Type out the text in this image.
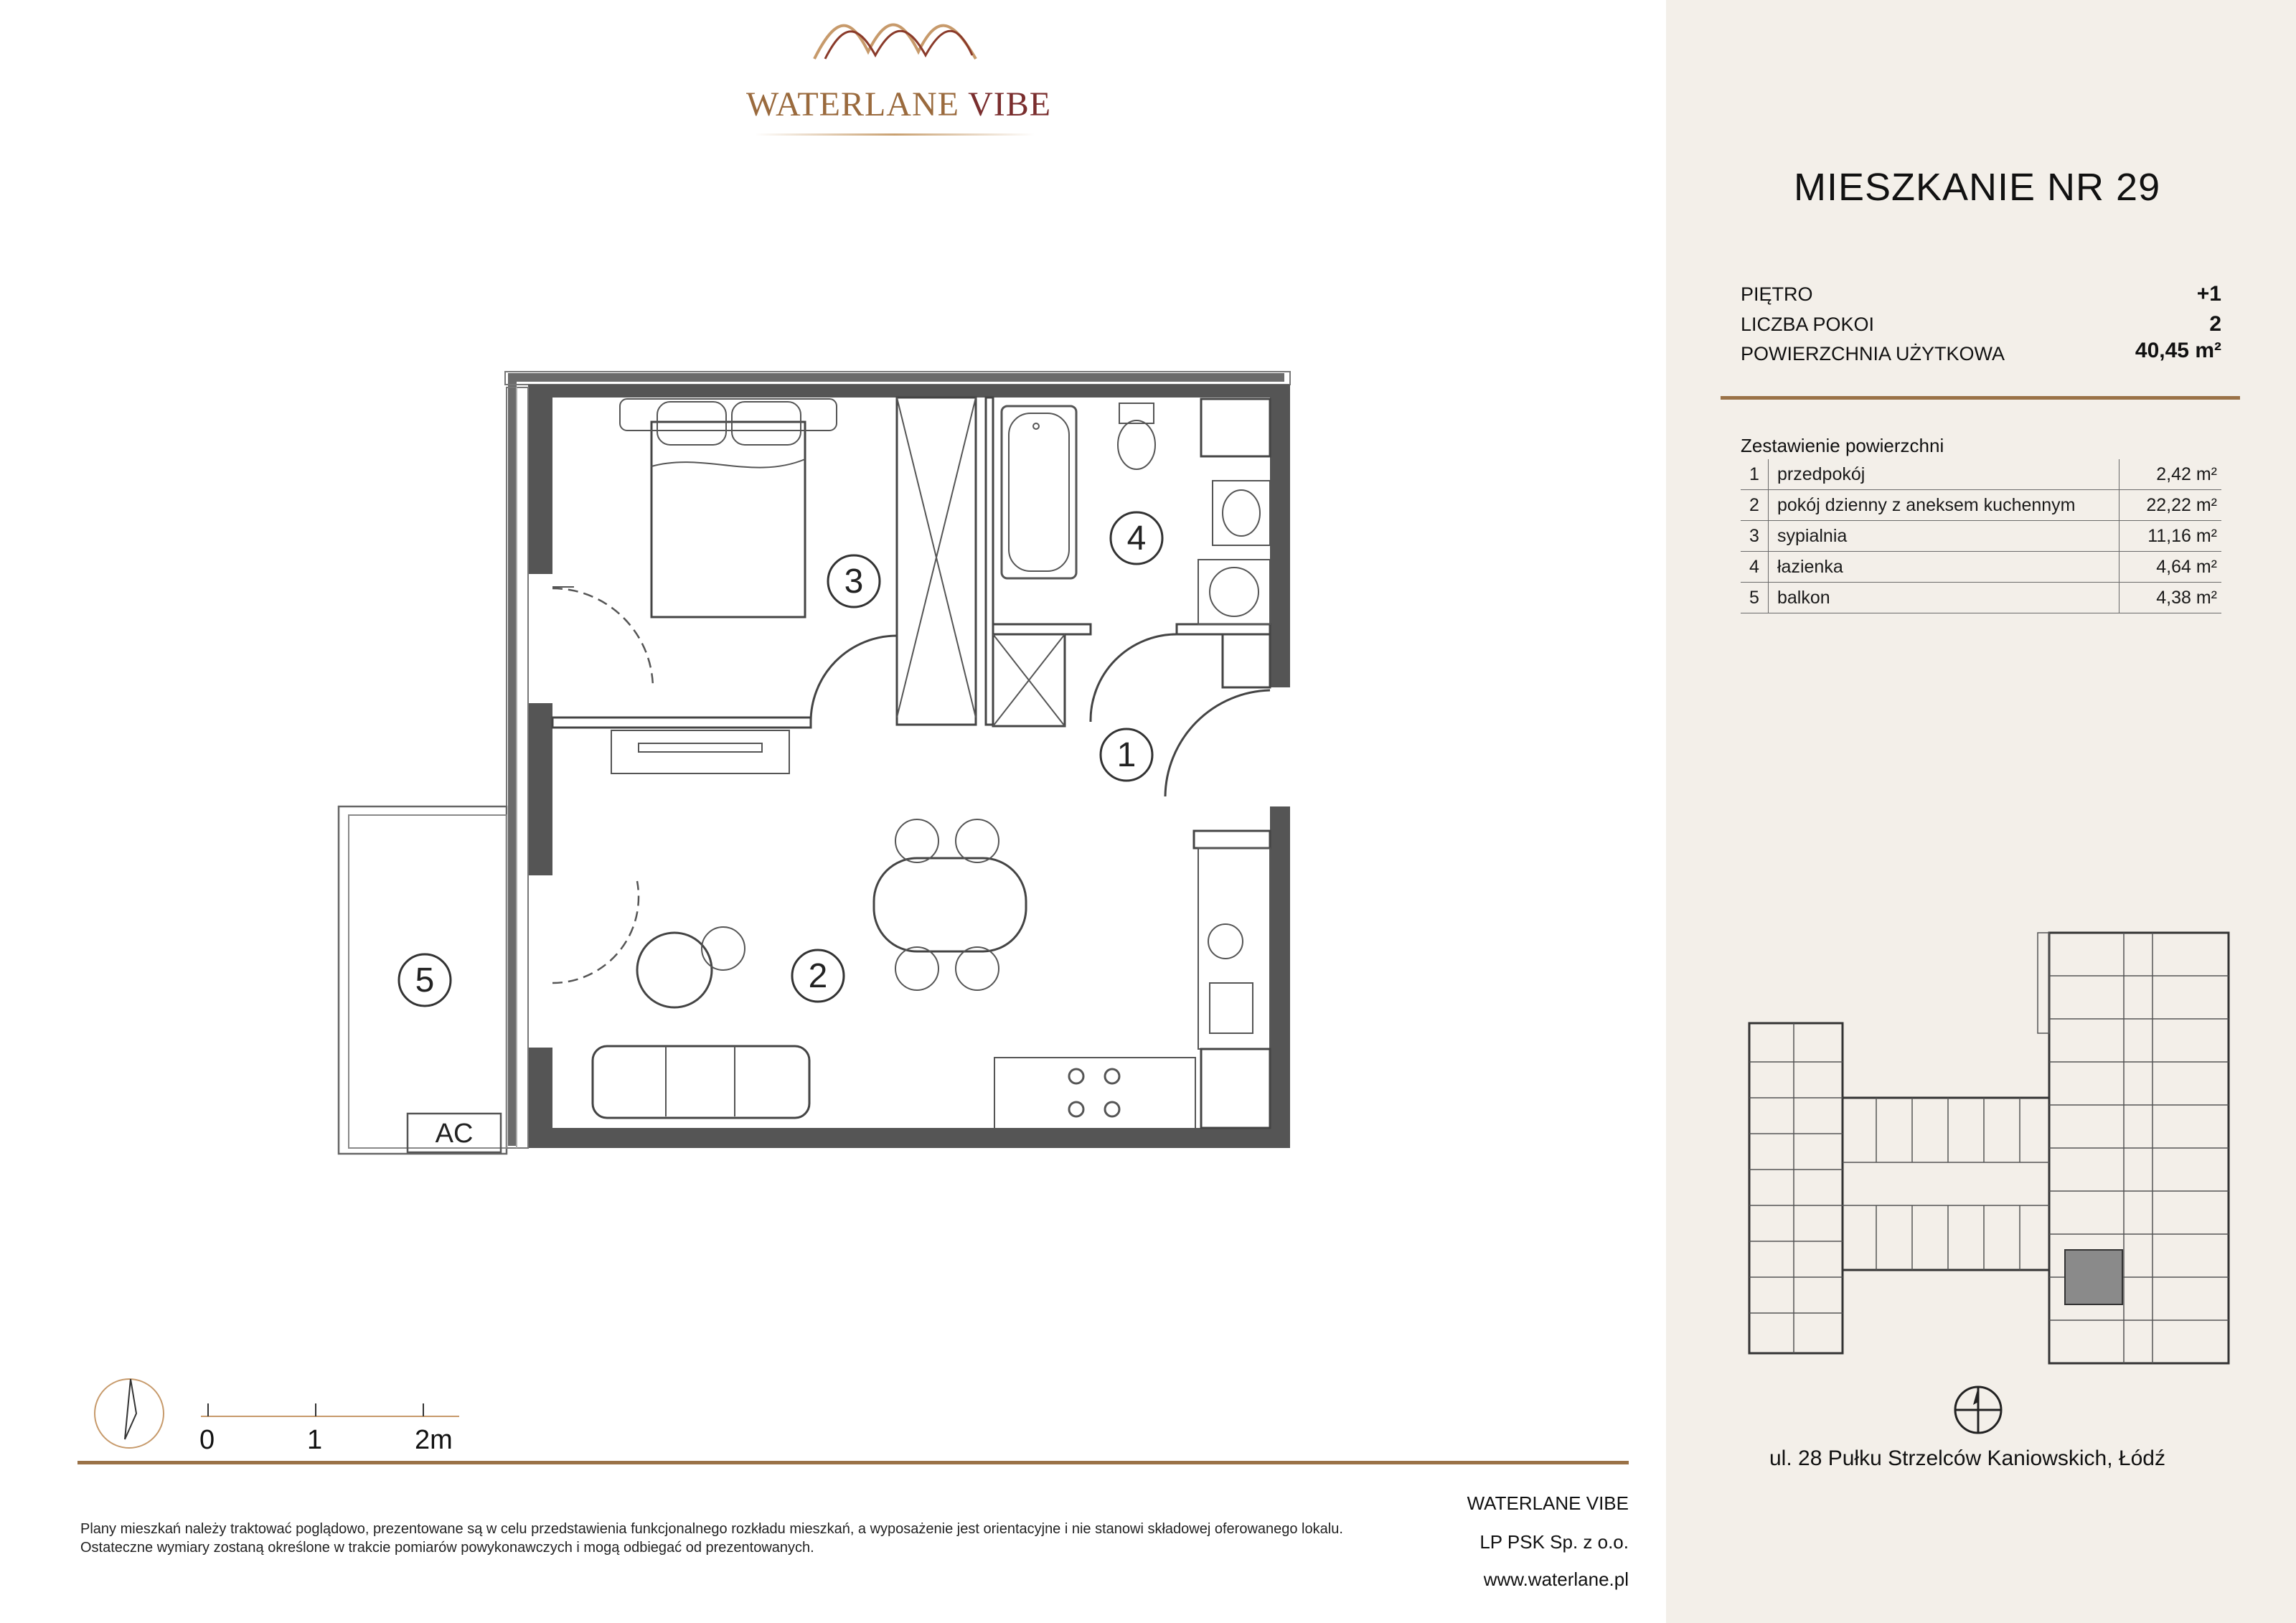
WATERLANE VIBE
1
2
3
4
5
AC
0	1	2m
Plany mieszkań należy traktować poglądowo, prezentowane są w celu przedstawienia funkcjonalnego rozkładu mieszkań, a wyposażenie jest orientacyjne i nie stanowi składowej oferowanego lokalu.
Ostateczne wymiary zostaną określone w trakcie pomiarów powykonawczych i mogą odbiegać od prezentowanych.
WATERLANE VIBE
LP PSK Sp. z o.o.
www.waterlane.pl
MIESZKANIE NR 29
PIĘTRO	+1
LICZBA POKOI	2
POWIERZCHNIA UŻYTKOWA	40,45 m²
Zestawienie powierzchni
1	przedpokój	2,42 m²
2	pokój dzienny z aneksem kuchennym	22,22 m²
3	sypialnia	11,16 m²
4	łazienka	4,64 m²
5	balkon	4,38 m²
ul. 28 Pułku Strzelców Kaniowskich, Łódź
